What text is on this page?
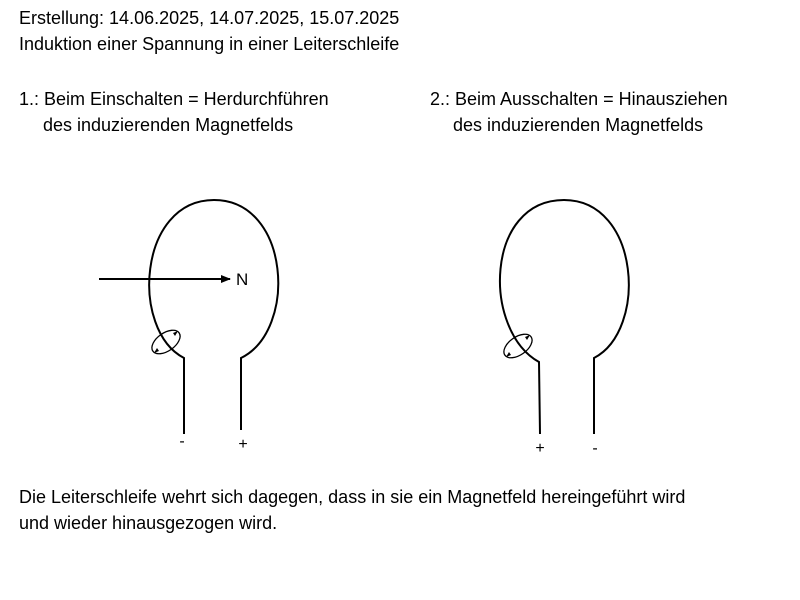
Erstellung: 14.06.2025, 14.07.2025, 15.07.2025

Induktion einer Spannung in einer Leiterschleife

1.: Beim Einschalten = Herdurchführen

des induzierenden Magnetfelds

2.: Beim Ausschalten = Hinausziehen

des induzierenden Magnetfelds

N
-	+	+	-

Die Leiterschleife wehrt sich dagegen, dass in sie ein Magnetfeld hereingeführt wird

und wieder hinausgezogen wird.
